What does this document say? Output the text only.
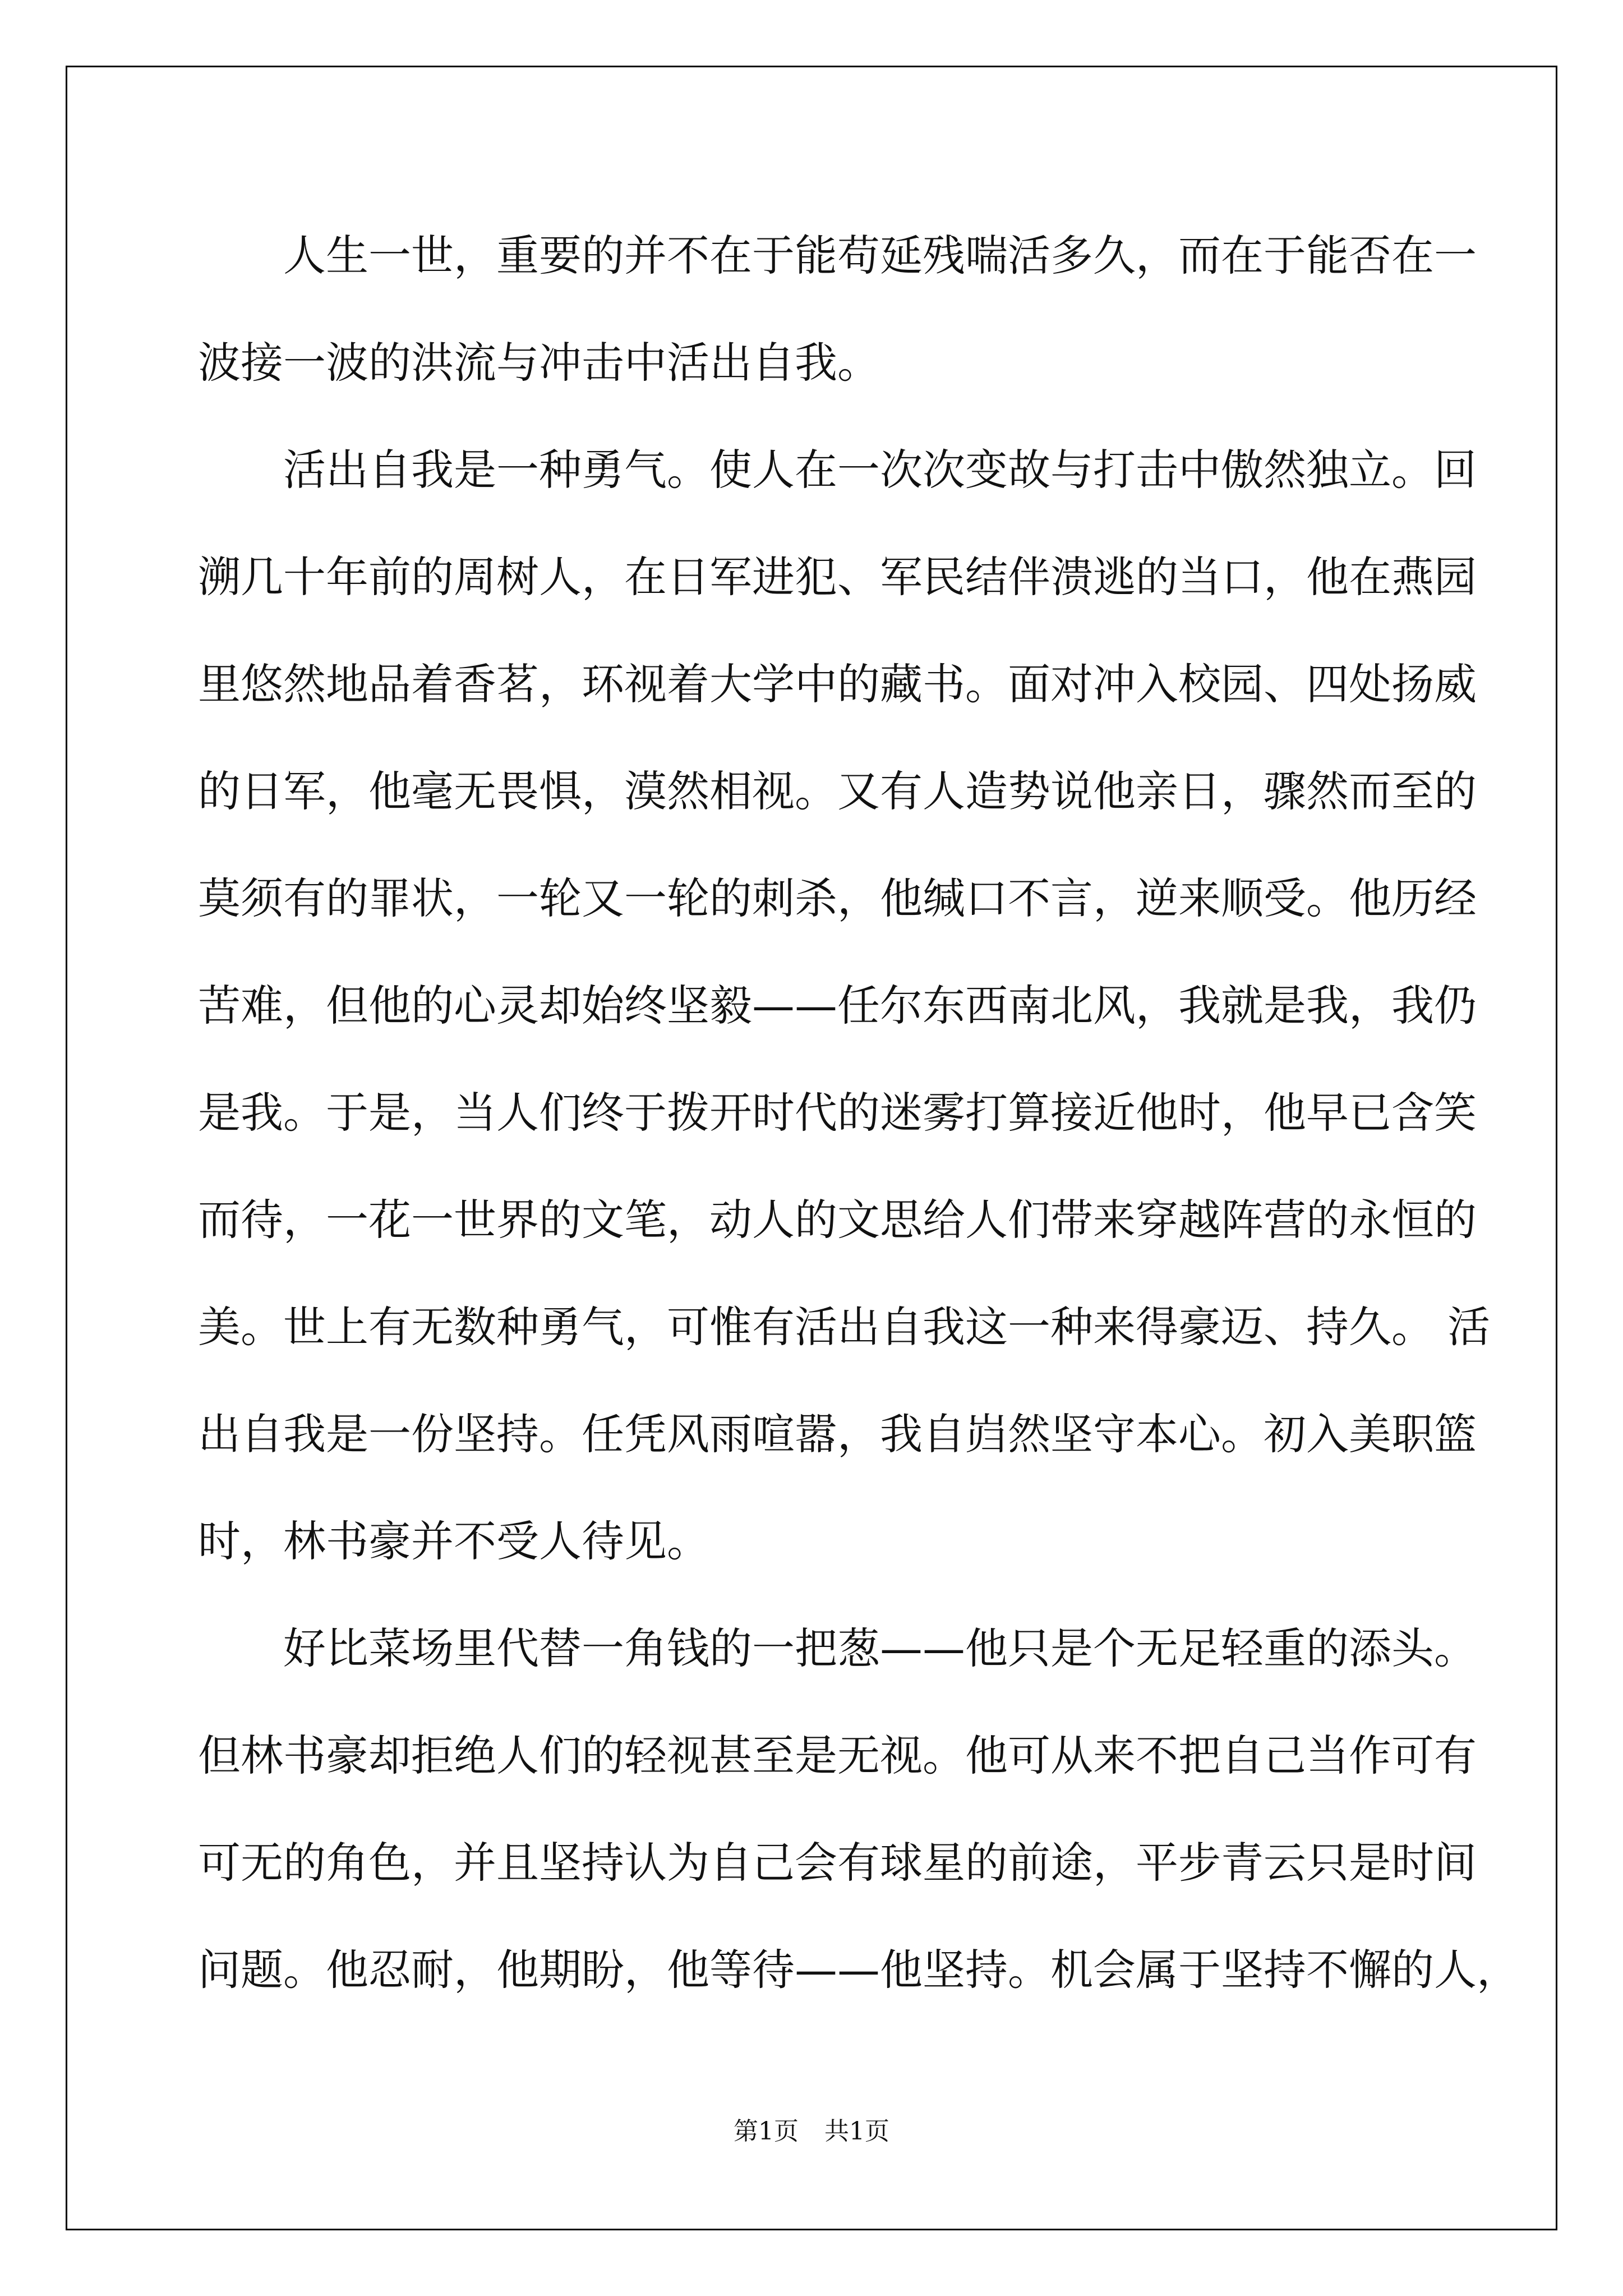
　　人生一世，重要的并不在于能苟延残喘活多久，而在于能否在一
波接一波的洪流与冲击中活出自我。

　　活出自我是一种勇气。使人在一次次变故与打击中傲然独立。回
溯几十年前的周树人，在日军进犯、军民结伴溃逃的当口，他在燕园
里悠然地品着香茗，环视着大学中的藏书。面对冲入校园、四处扬威
的日军，他毫无畏惧，漠然相视。又有人造势说他亲日，骤然而至的
莫须有的罪状，一轮又一轮的刺杀，他缄口不言，逆来顺受。他历经
苦难，但他的心灵却始终坚毅——任尔东西南北风，我就是我，我仍
是我。于是，当人们终于拨开时代的迷雾打算接近他时，他早已含笑
而待，一花一世界的文笔，动人的文思给人们带来穿越阵营的永恒的
美。世上有无数种勇气，可惟有活出自我这一种来得豪迈、持久。 活
出自我是一份坚持。任凭风雨喧嚣，我自岿然坚守本心。初入美职篮
时，林书豪并不受人待见。

　　好比菜场里代替一角钱的一把葱——他只是个无足轻重的添头。
但林书豪却拒绝人们的轻视甚至是无视。他可从来不把自己当作可有
可无的角色，并且坚持认为自己会有球星的前途，平步青云只是时间
问题。他忍耐，他期盼，他等待——他坚持。机会属于坚持不懈的人，

第1页 共1页
